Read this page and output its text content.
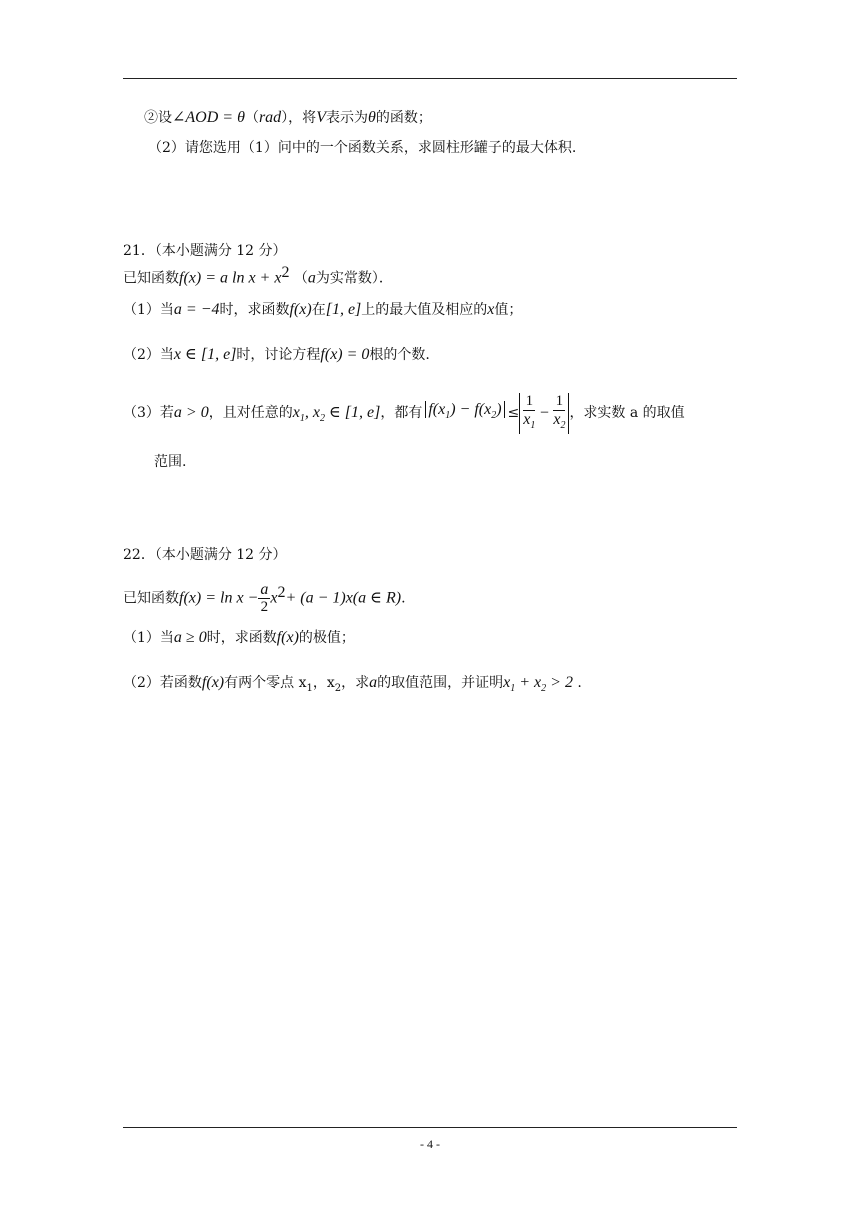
②设∠AOD = θ（rad），将V表示为θ的函数；
（2）请您选用（1）问中的一个函数关系，求圆柱形罐子的最大体积.
21．（本小题满分 12 分）
已知函数f(x) = a $\ln x + x^2$ （a为实常数）．
（1）当a = −4时，求函数f(x)在[1, e]上的最大值及相应的x值；
（2）当x ∈ [1, e]时，讨论方程f(x) = 0根的个数.
（3）若a > 0，且对任意的$x_1$, $x_2$ ∈ [1, e]，都有 $f(x_1) - f(x_2) \le \frac{1}{x_1} - \frac{1}{x_2}$ ，求实数 a 的取值
范围.
22．（本小题满分 12 分）
已知函数$f(x) = \ln x - \frac{a}{2} x^2+ (a - 1)x(a$ ∈ R).
（1）当a ≥ 0时，求函数f(x)的极值；
（2）若函数f(x)有两个零点 $x_1$，$x_2$，求a的取值范围，并证明$x_1 + x_2 > 2$ .
- 4 -
